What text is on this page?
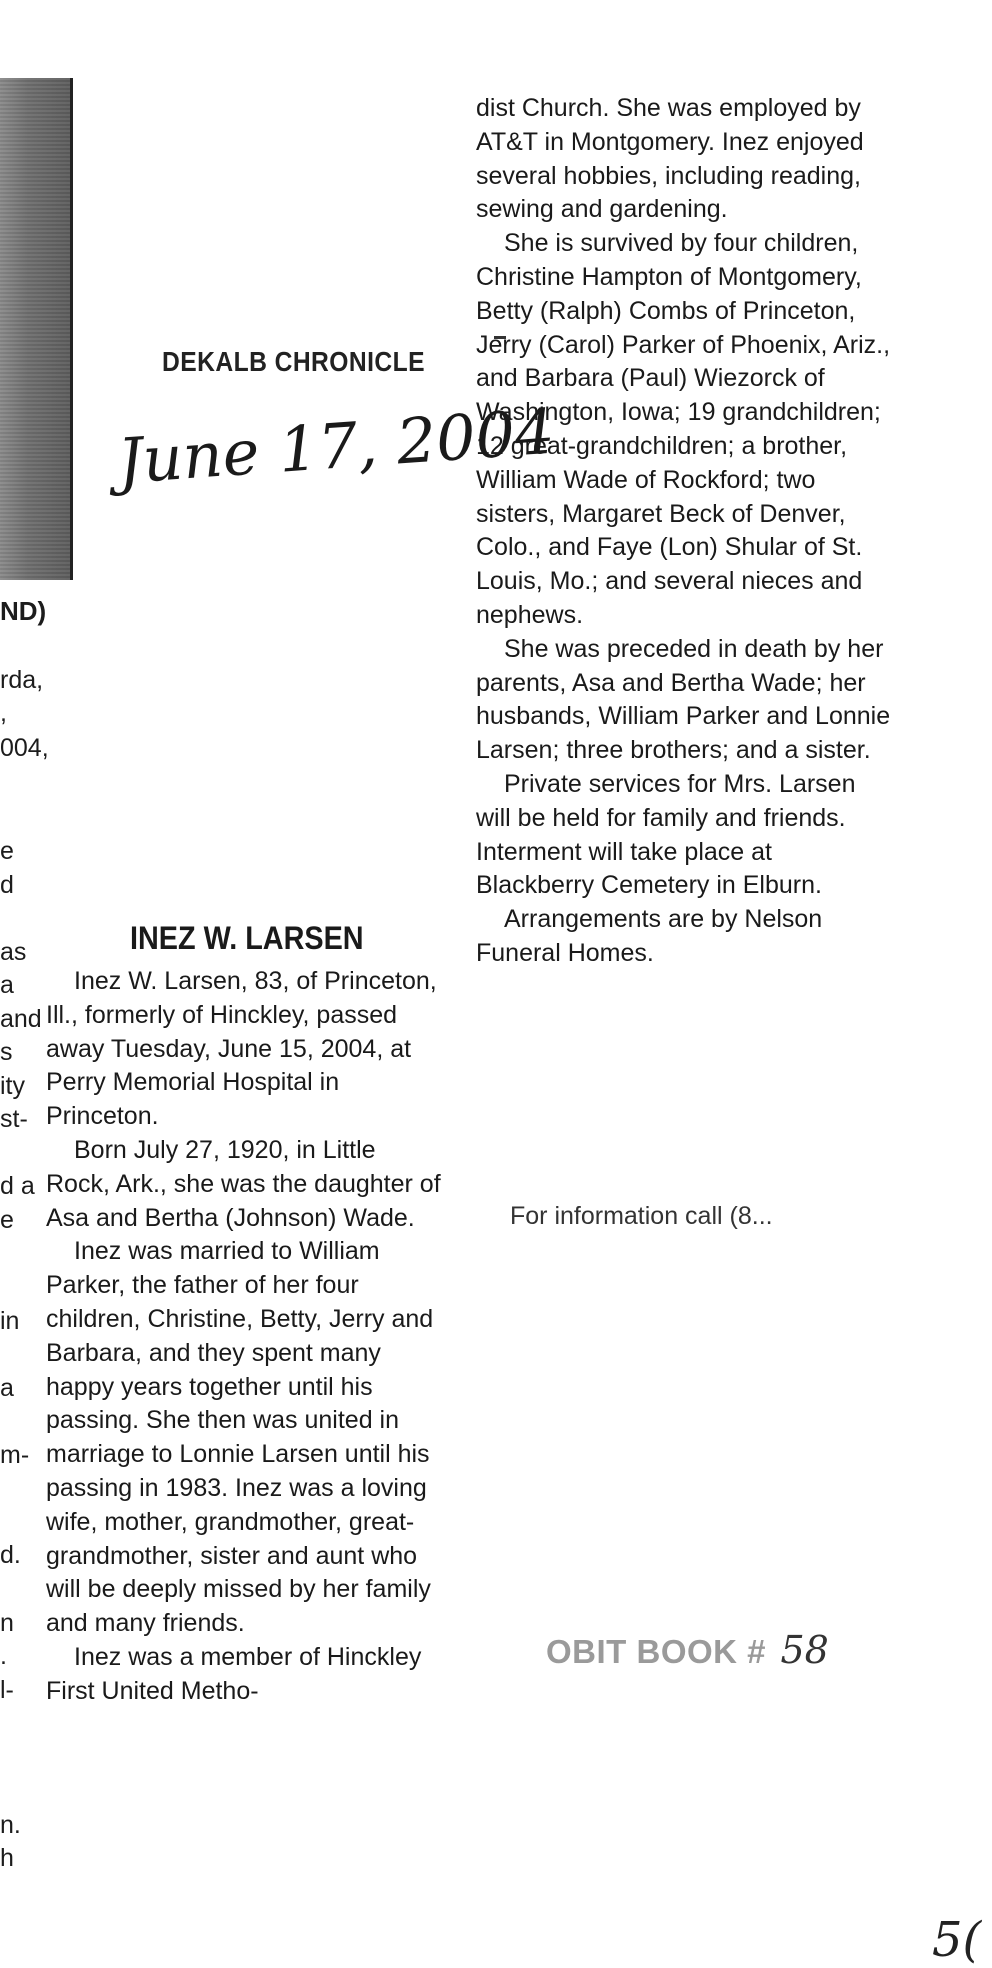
ND)
rda,
,
004,
e
d
as
a
and
s
ity
st-
d a
e
in
a
m-
d.
n
.
l-
n.
h
DEKALB CHRONICLE
June 17, 2004
INEZ W. LARSEN

Inez W. Larsen, 83, of Princeton, Ill., formerly of Hinckley, passed away Tuesday, June 15, 2004, at Perry Memorial Hospital in Princeton.

Born July 27, 1920, in Little Rock, Ark., she was the daughter of Asa and Bertha (Johnson) Wade.

Inez was married to William Parker, the father of her four children, Christine, Betty, Jerry and Barbara, and they spent many happy years together until his passing. She then was united in marriage to Lonnie Larsen until his passing in 1983. Inez was a loving wife, mother, grandmother, great-grandmother, sister and aunt who will be deeply missed by her family and many friends.

Inez was a member of Hinckley First United Metho-

dist Church. She was employed by AT&T in Montgomery. Inez enjoyed several hobbies, including reading, sewing and gardening.

She is survived by four children, Christine Hampton of Montgomery, Betty (Ralph) Combs of Princeton, Jerry (Carol) Parker of Phoenix, Ariz., and Barbara (Paul) Wiezorck of Washington, Iowa; 19 grandchildren; 12 great-grandchildren; a brother, William Wade of Rockford; two sisters, Margaret Beck of Denver, Colo., and Faye (Lon) Shular of St. Louis, Mo.; and several nieces and nephews.

She was preceded in death by her parents, Asa and Bertha Wade; her husbands, William Parker and Lonnie Larsen; three brothers; and a sister.

Private services for Mrs. Larsen will be held for family and friends. Interment will take place at Blackberry Cemetery in Elburn.

Arrangements are by Nelson Funeral Homes.

For information call (8...
OBIT BOOK # 58
5(
